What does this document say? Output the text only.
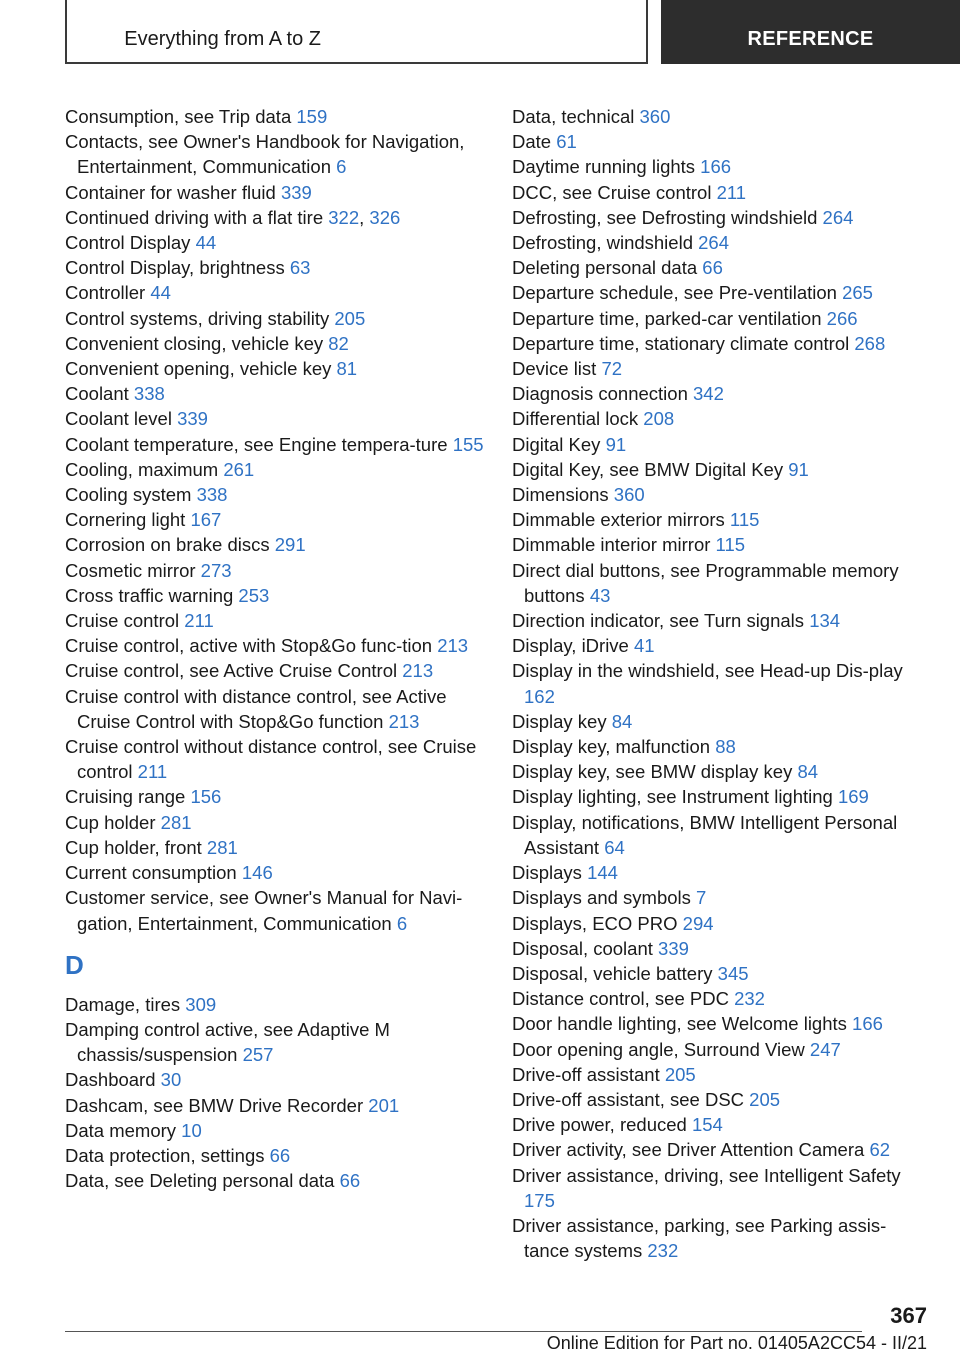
Everything from A to Z	REFERENCE
Consumption, see Trip data 159
Contacts, see Owner's Handbook for Navigation, Entertainment, Communication 6
Container for washer fluid 339
Continued driving with a flat tire 322, 326
Control Display 44
Control Display, brightness 63
Controller 44
Control systems, driving stability 205
Convenient closing, vehicle key 82
Convenient opening, vehicle key 81
Coolant 338
Coolant level 339
Coolant temperature, see Engine tempera-ture 155
Cooling, maximum 261
Cooling system 338
Cornering light 167
Corrosion on brake discs 291
Cosmetic mirror 273
Cross traffic warning 253
Cruise control 211
Cruise control, active with Stop&Go func-tion 213
Cruise control, see Active Cruise Control 213
Cruise control with distance control, see Active Cruise Control with Stop&Go function 213
Cruise control without distance control, see Cruise control 211
Cruising range 156
Cup holder 281
Cup holder, front 281
Current consumption 146
Customer service, see Owner's Manual for Navi-gation, Entertainment, Communication 6
D
Damage, tires 309
Damping control active, see Adaptive M chassis/suspension 257
Dashboard 30
Dashcam, see BMW Drive Recorder 201
Data memory 10
Data protection, settings 66
Data, see Deleting personal data 66
Data, technical 360
Date 61
Daytime running lights 166
DCC, see Cruise control 211
Defrosting, see Defrosting windshield 264
Defrosting, windshield 264
Deleting personal data 66
Departure schedule, see Pre-ventilation 265
Departure time, parked-car ventilation 266
Departure time, stationary climate control 268
Device list 72
Diagnosis connection 342
Differential lock 208
Digital Key 91
Digital Key, see BMW Digital Key 91
Dimensions 360
Dimmable exterior mirrors 115
Dimmable interior mirror 115
Direct dial buttons, see Programmable memory buttons 43
Direction indicator, see Turn signals 134
Display, iDrive 41
Display in the windshield, see Head-up Dis-play 162
Display key 84
Display key, malfunction 88
Display key, see BMW display key 84
Display lighting, see Instrument lighting 169
Display, notifications, BMW Intelligent Personal Assistant 64
Displays 144
Displays and symbols 7
Displays, ECO PRO 294
Disposal, coolant 339
Disposal, vehicle battery 345
Distance control, see PDC 232
Door handle lighting, see Welcome lights 166
Door opening angle, Surround View 247
Drive-off assistant 205
Drive-off assistant, see DSC 205
Drive power, reduced 154
Driver activity, see Driver Attention Camera 62
Driver assistance, driving, see Intelligent Safety 175
Driver assistance, parking, see Parking assis-tance systems 232
367
Online Edition for Part no. 01405A2CC54 - II/21
